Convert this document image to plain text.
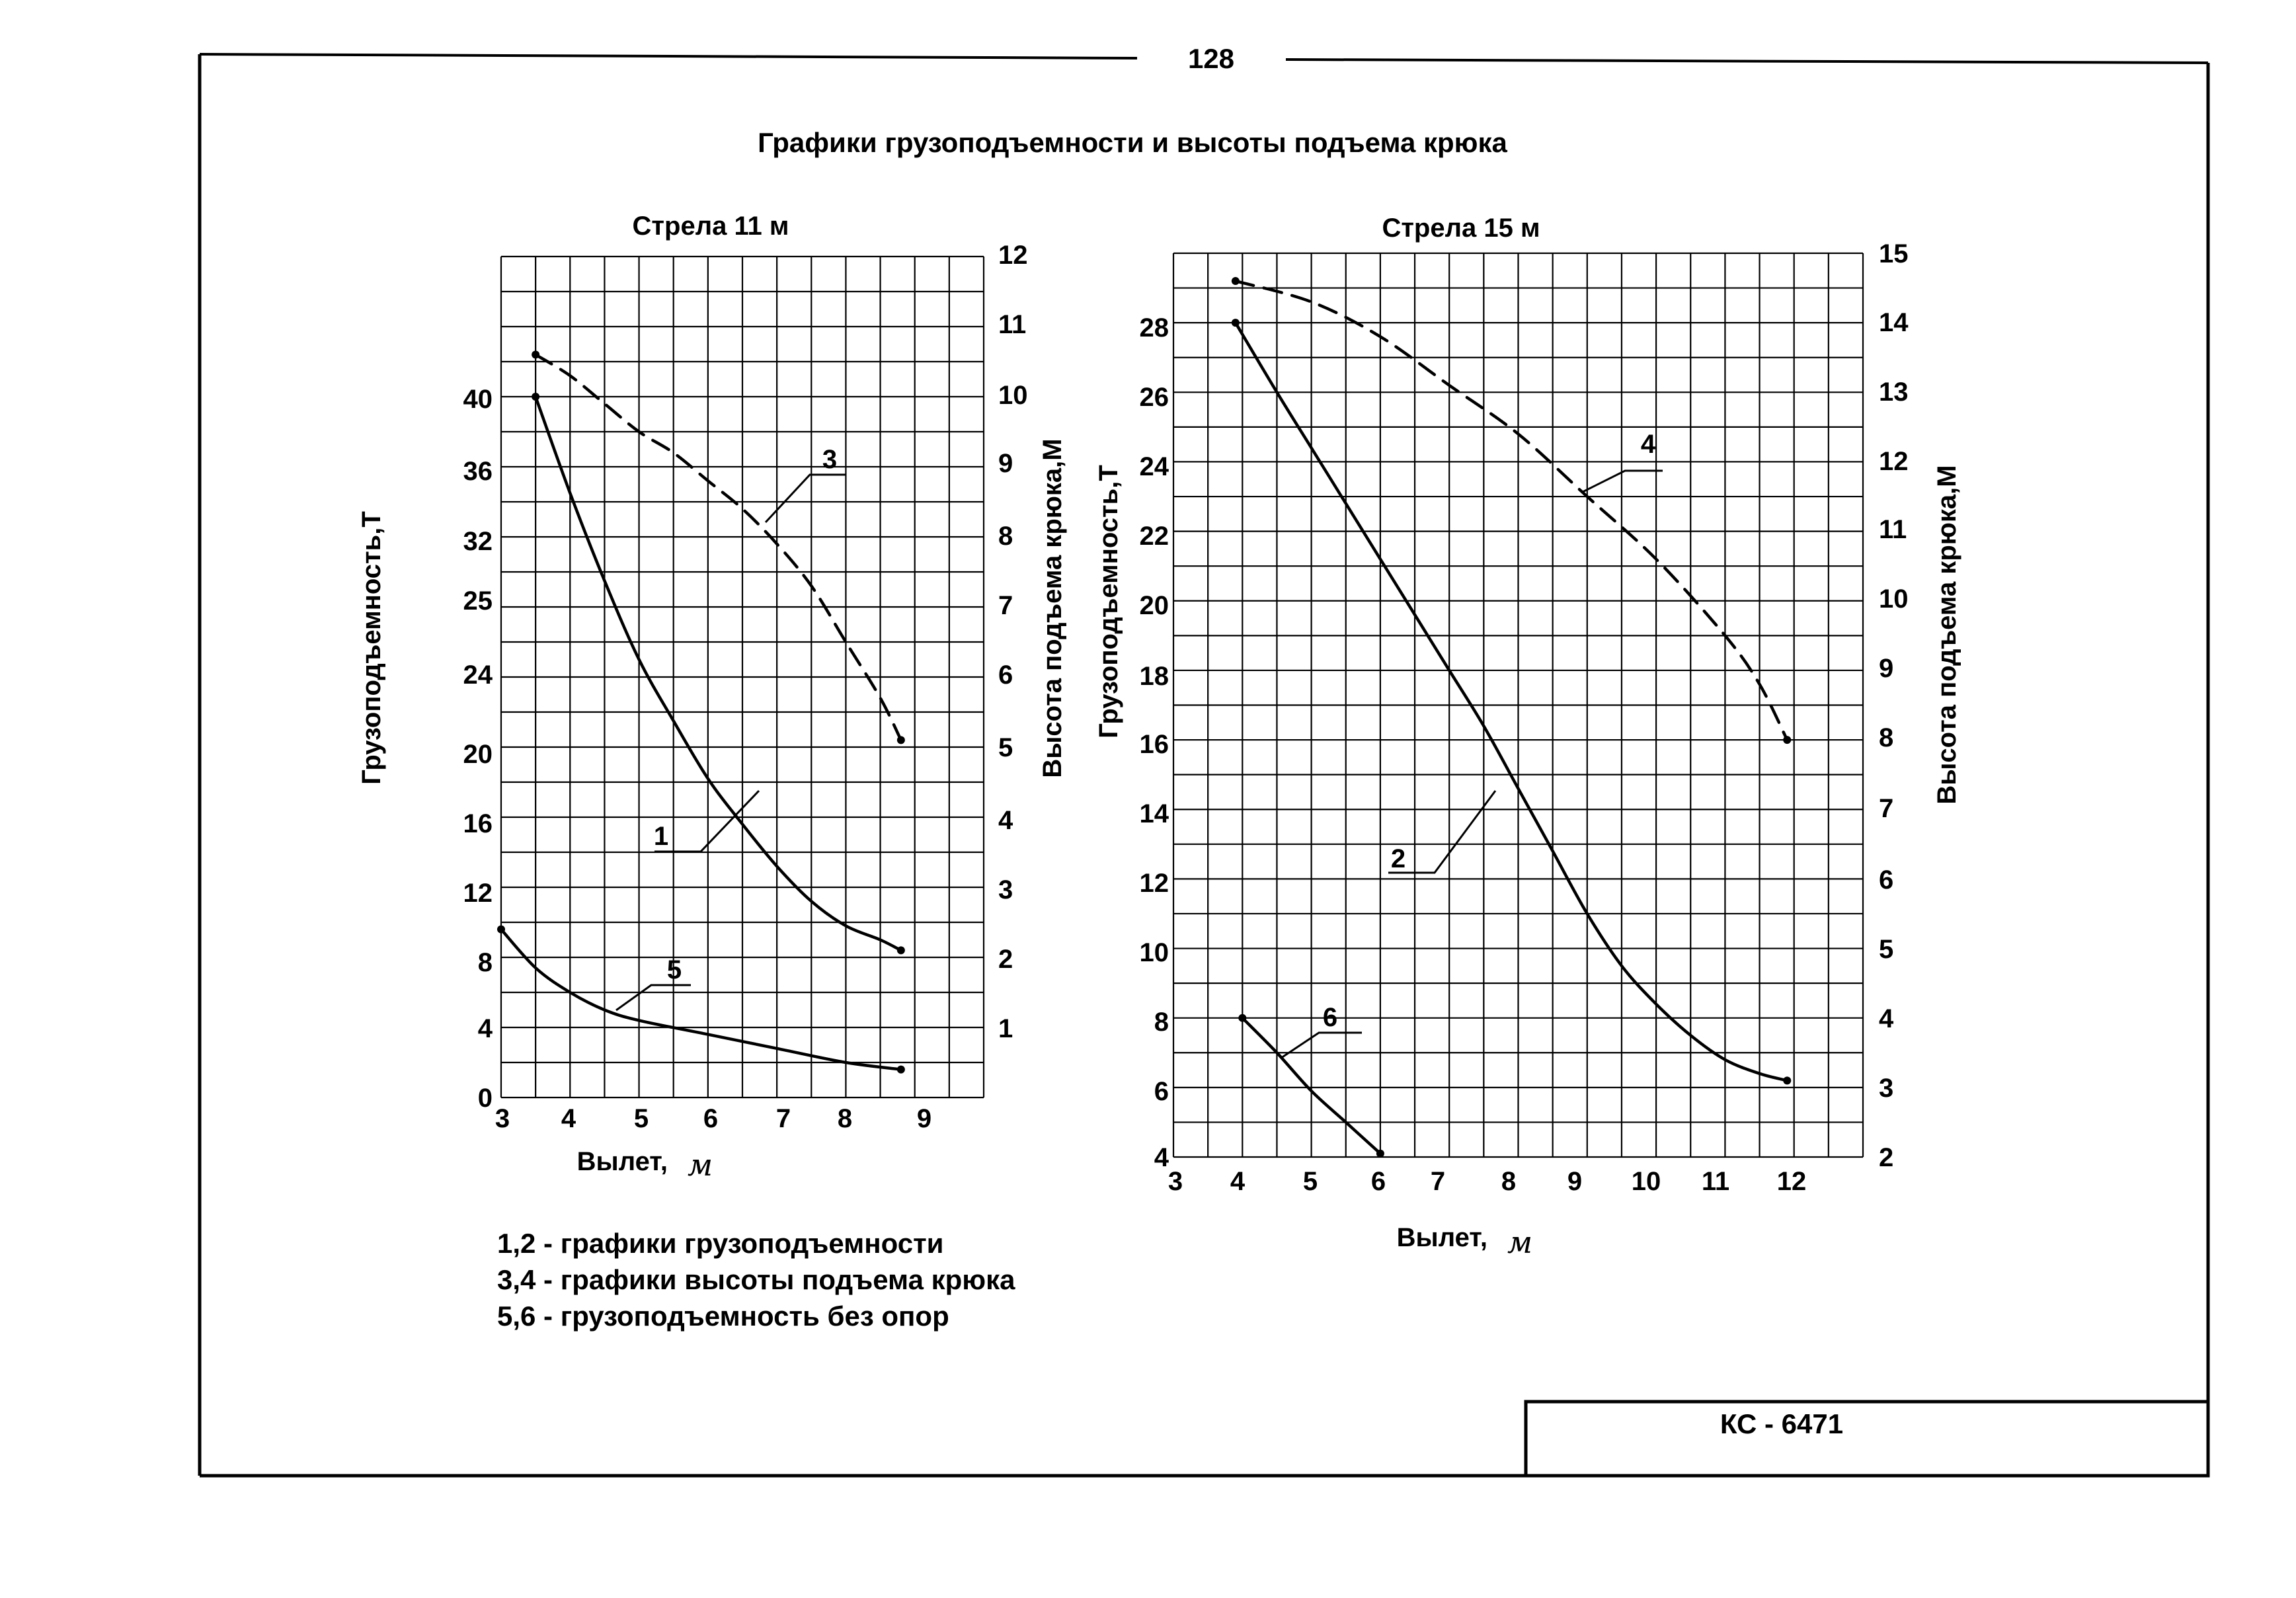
128
Графики грузоподъемности и высоты подъема крюка
Стрела 11 м
3 4 5 6 7 8 9
0
4
8
12
16
20
24
25
32
36
40
1
2
3
4
5
6
7
8
9
10
11
12
Грузоподъемность,Т	Высота подъема крюка,М
Вылет, м
1
3
5
Стрела 15 м
3 4 5 6 7 8 9 10 11 12
4
6
8
10
12
14
16
18
20
22
24
26
28
2
3
4
5
6
7
8
9
10
11
12
13
14
15
Грузоподъемность,Т	Высота подъема крюка,М
Вылет, м
2
4
6
1,2 - графики грузоподъемности
3,4 - графики высоты подъема крюка
5,6 - грузоподъемность без опор
КС - 6471
